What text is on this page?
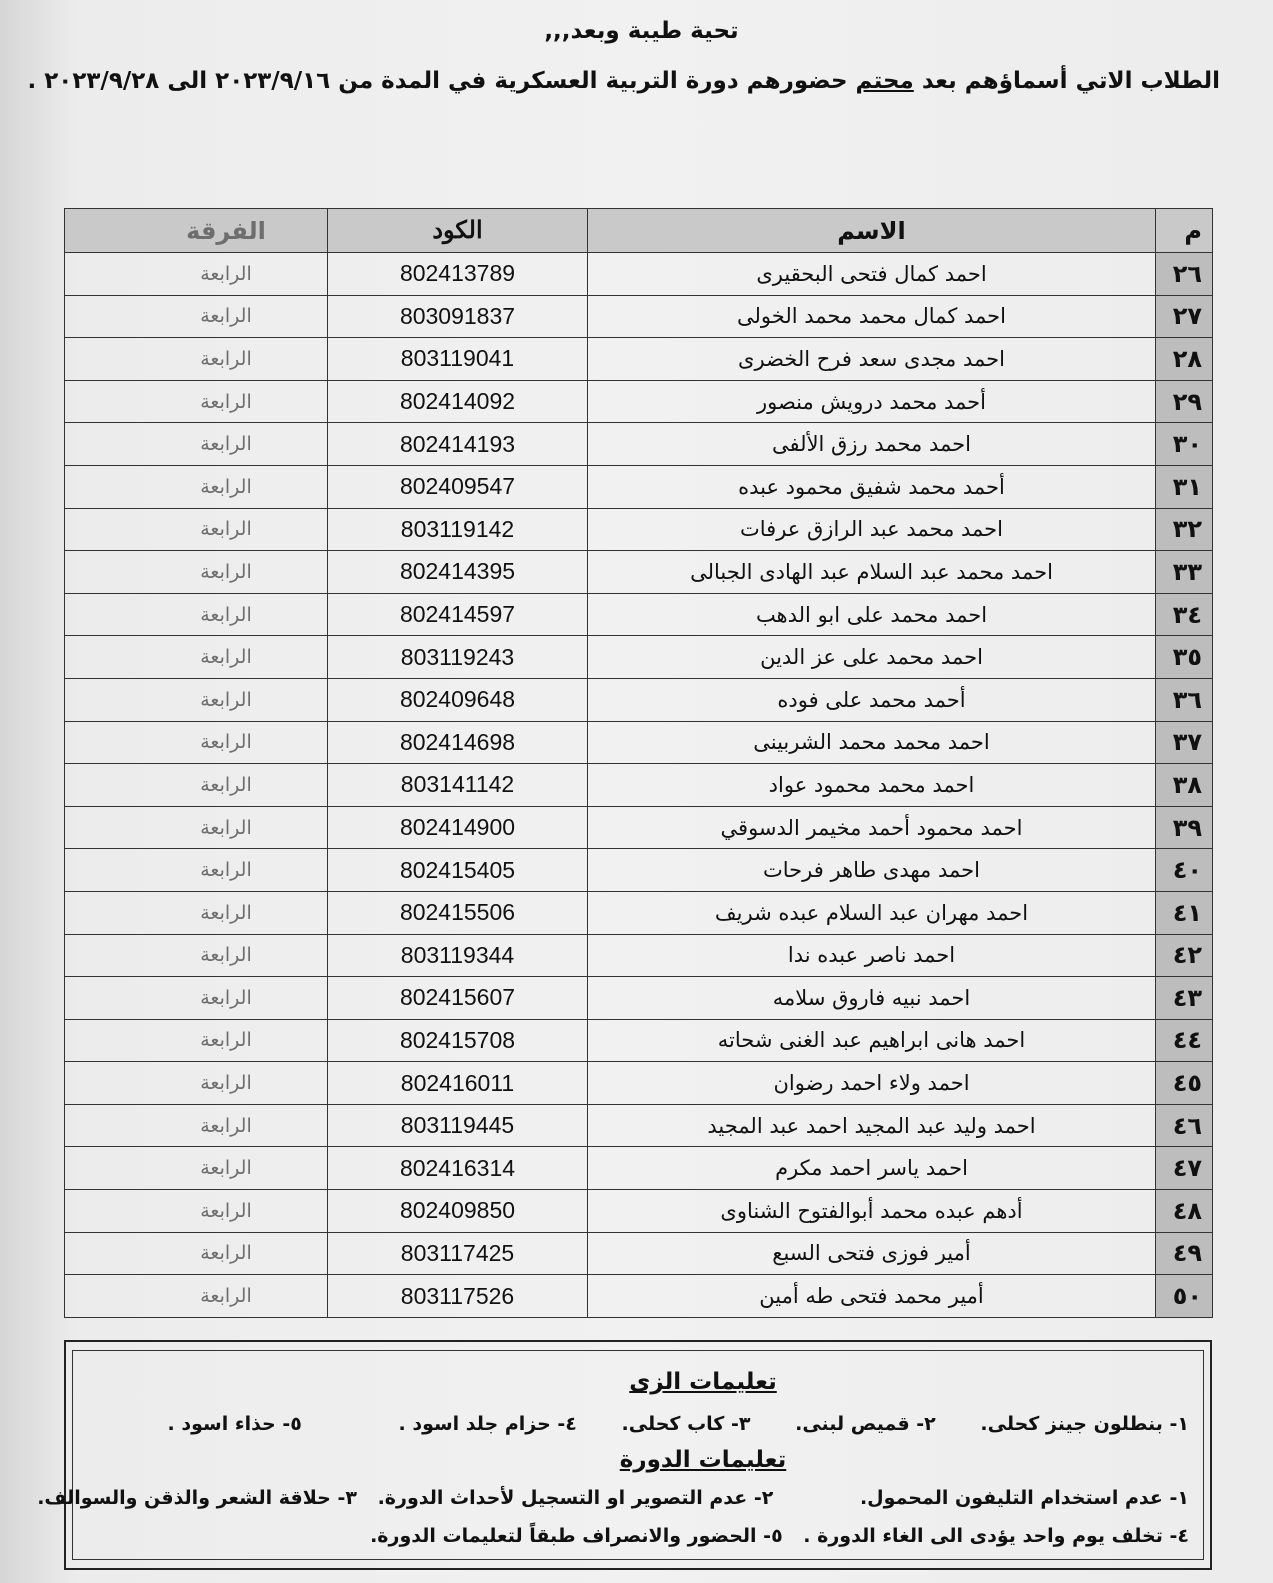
تحية طيبة وبعد,,,
الطلاب الاتي أسماؤهم بعد محتم حضورهم دورة التربية العسكرية في المدة من ٢٠٢٣/٩/١٦ الى ٢٠٢٣/٩/٢٨ .
م	الاسم	الكود	الفرقة
٢٦	احمد كمال فتحى البحقيرى	802413789	الرابعة
٢٧	احمد كمال محمد محمد الخولى	803091837	الرابعة
٢٨	احمد مجدى سعد فرح الخضرى	803119041	الرابعة
٢٩	أحمد محمد درويش منصور	802414092	الرابعة
٣٠	احمد محمد رزق الألفى	802414193	الرابعة
٣١	أحمد محمد شفيق محمود عبده	802409547	الرابعة
٣٢	احمد محمد عبد الرازق عرفات	803119142	الرابعة
٣٣	احمد محمد عبد السلام عبد الهادى الجبالى	802414395	الرابعة
٣٤	احمد محمد على ابو الدهب	802414597	الرابعة
٣٥	احمد محمد على عز الدين	803119243	الرابعة
٣٦	أحمد محمد على فوده	802409648	الرابعة
٣٧	احمد محمد محمد الشربينى	802414698	الرابعة
٣٨	احمد محمد محمود عواد	803141142	الرابعة
٣٩	احمد محمود أحمد مخيمر الدسوقي	802414900	الرابعة
٤٠	احمد مهدى طاهر فرحات	802415405	الرابعة
٤١	احمد مهران عبد السلام عبده شريف	802415506	الرابعة
٤٢	احمد ناصر عبده ندا	803119344	الرابعة
٤٣	احمد نبيه فاروق سلامه	802415607	الرابعة
٤٤	احمد هانى ابراهيم عبد الغنى شحاته	802415708	الرابعة
٤٥	احمد ولاء احمد رضوان	802416011	الرابعة
٤٦	احمد وليد عبد المجيد احمد عبد المجيد	803119445	الرابعة
٤٧	احمد ياسر احمد مكرم	802416314	الرابعة
٤٨	أدهم عبده محمد أبوالفتوح الشناوى	802409850	الرابعة
٤٩	أمير فوزى فتحى السبع	803117425	الرابعة
٥٠	أمير محمد فتحى طه أمين	803117526	الرابعة
تعليمات الزى
١- بنطلون جينز كحلى. ٢- قميص لبنى. ٣- كاب كحلى. ٤- حزام جلد اسود . ٥- حذاء اسود .
تعليمات الدورة
١- عدم استخدام التليفون المحمول. ٢- عدم التصوير او التسجيل لأحداث الدورة. ٣- حلاقة الشعر والذقن والسوالف.
٤- تخلف يوم واحد يؤدى الى الغاء الدورة . ٥- الحضور والانصراف طبقاً لتعليمات الدورة.
